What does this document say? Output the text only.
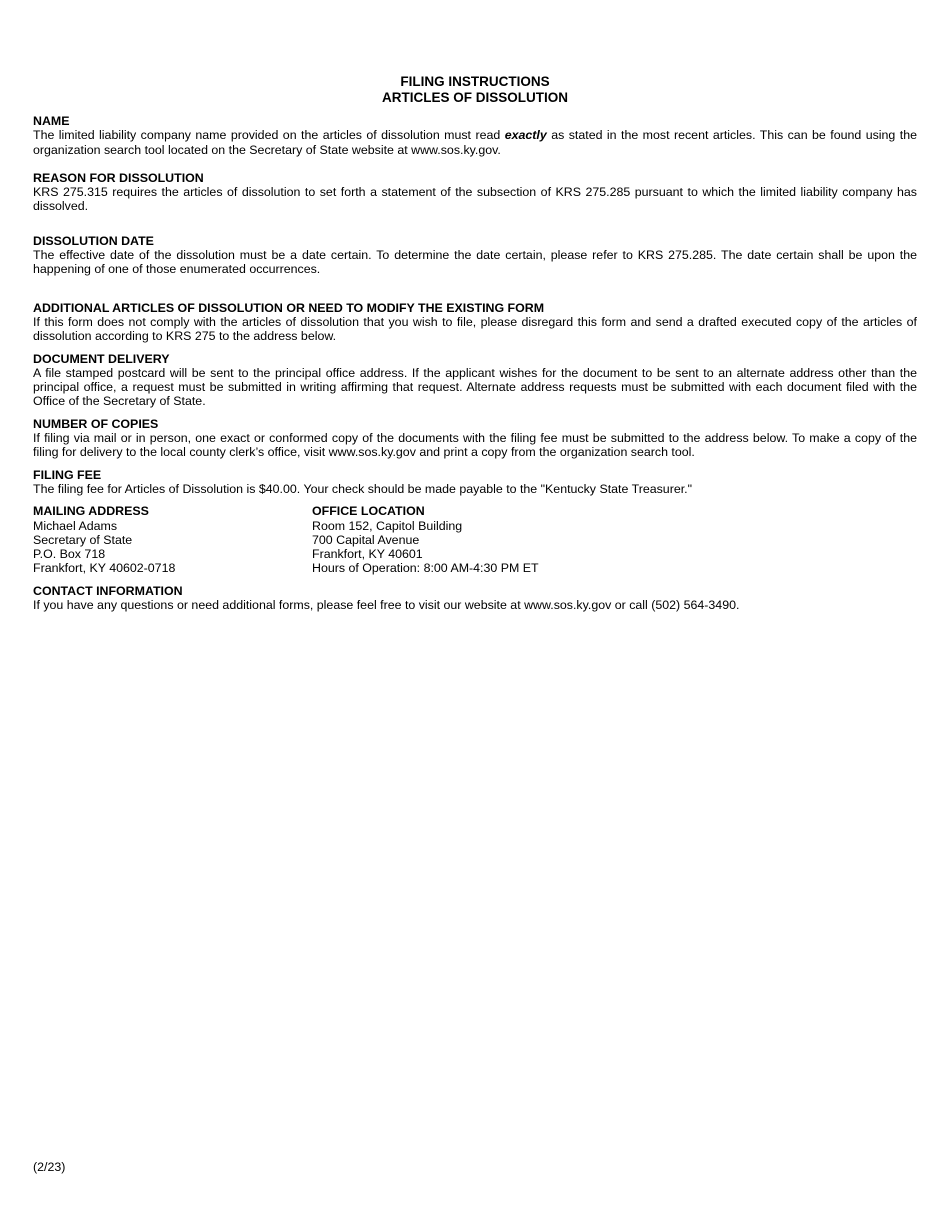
FILING INSTRUCTIONS
ARTICLES OF DISSOLUTION
NAME
The limited liability company name provided on the articles of dissolution must read exactly as stated in the most recent articles. This can be found using the organization search tool located on the Secretary of State website at www.sos.ky.gov.
REASON FOR DISSOLUTION
KRS 275.315 requires the articles of dissolution to set forth a statement of the subsection of KRS 275.285 pursuant to which the limited liability company has dissolved.
DISSOLUTION DATE
The effective date of the dissolution must be a date certain. To determine the date certain, please refer to KRS 275.285. The date certain shall be upon the happening of one of those enumerated occurrences.
ADDITIONAL ARTICLES OF DISSOLUTION OR NEED TO MODIFY THE EXISTING FORM
If this form does not comply with the articles of dissolution that you wish to file, please disregard this form and send a drafted executed copy of the articles of dissolution according to KRS 275 to the address below.
DOCUMENT DELIVERY
A file stamped postcard will be sent to the principal office address. If the applicant wishes for the document to be sent to an alternate address other than the principal office, a request must be submitted in writing affirming that request. Alternate address requests must be submitted with each document filed with the Office of the Secretary of State.
NUMBER OF COPIES
If filing via mail or in person, one exact or conformed copy of the documents with the filing fee must be submitted to the address below. To make a copy of the filing for delivery to the local county clerk’s office, visit www.sos.ky.gov and print a copy from the organization search tool.
FILING FEE
The filing fee for Articles of Dissolution is $40.00. Your check should be made payable to the "Kentucky State Treasurer."
MAILING ADDRESS
Michael Adams
Secretary of State
P.O. Box 718
Frankfort, KY 40602-0718
OFFICE LOCATION
Room 152, Capitol Building
700 Capital Avenue
Frankfort, KY 40601
Hours of Operation: 8:00 AM-4:30 PM ET
CONTACT INFORMATION
If you have any questions or need additional forms, please feel free to visit our website at www.sos.ky.gov or call (502) 564-3490.
(2/23)
